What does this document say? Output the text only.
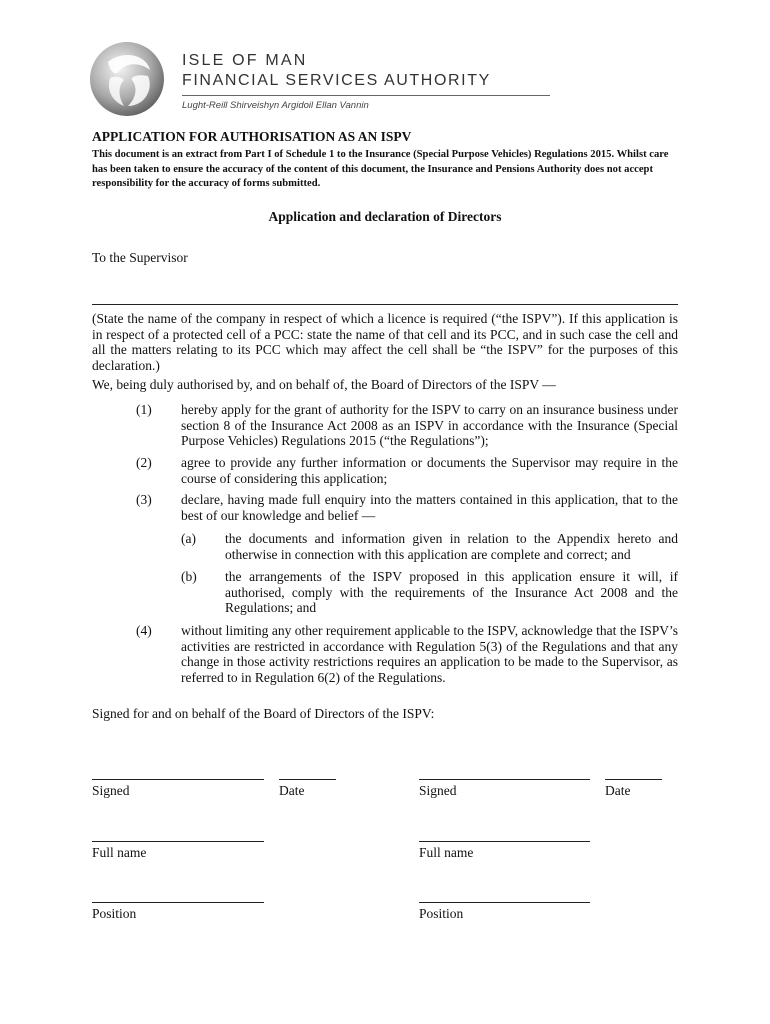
ISLE OF MAN
FINANCIAL SERVICES AUTHORITY
Lught-Reill Shirveishyn Argidoil Ellan Vannin
APPLICATION FOR AUTHORISATION AS AN ISPV
This document is an extract from Part I of Schedule 1 to the Insurance (Special Purpose Vehicles) Regulations 2015. Whilst care has been taken to ensure the accuracy of the content of this document, the Insurance and Pensions Authority does not accept responsibility for the accuracy of forms submitted.
Application and declaration of Directors
To the Supervisor
(State the name of the company in respect of which a licence is required (“the ISPV”). If this application is in respect of a protected cell of a PCC: state the name of that cell and its PCC, and in such case the cell and all the matters relating to its PCC which may affect the cell shall be “the ISPV” for the purposes of this declaration.)
We, being duly authorised by, and on behalf of, the Board of Directors of the ISPV —
(1) hereby apply for the grant of authority for the ISPV to carry on an insurance business under section 8 of the Insurance Act 2008 as an ISPV in accordance with the Insurance (Special Purpose Vehicles) Regulations 2015 (“the Regulations”);
(2) agree to provide any further information or documents the Supervisor may require in the course of considering this application;
(3) declare, having made full enquiry into the matters contained in this application, that to the best of our knowledge and belief —
(a) the documents and information given in relation to the Appendix hereto and otherwise in connection with this application are complete and correct; and
(b) the arrangements of the ISPV proposed in this application ensure it will, if authorised, comply with the requirements of the Insurance Act 2008 and the Regulations; and
(4) without limiting any other requirement applicable to the ISPV, acknowledge that the ISPV’s activities are restricted in accordance with Regulation 5(3) of the Regulations and that any change in those activity restrictions requires an application to be made to the Supervisor, as referred to in Regulation 6(2) of the Regulations.
Signed for and on behalf of the Board of Directors of the ISPV:
Signed	Date
Full name
Position
Signed	Date
Full name
Position
